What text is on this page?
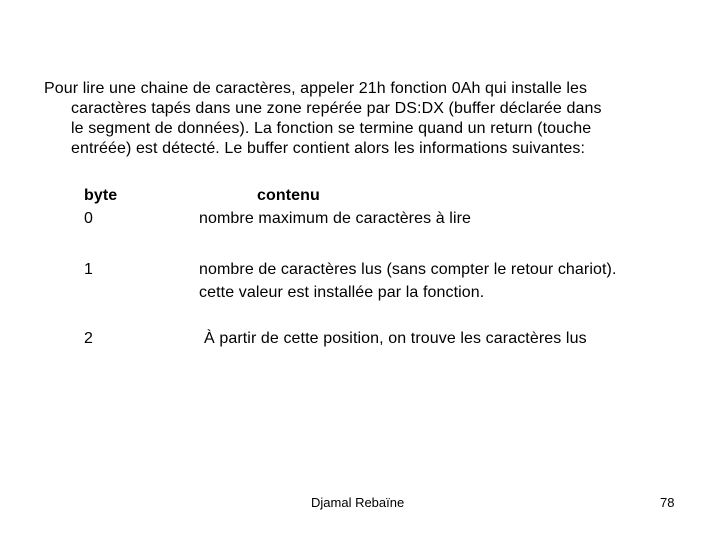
Pour lire une chaine de caractères, appeler 21h fonction 0Ah qui installe les
caractères tapés dans une zone repérée par DS:DX (buffer déclarée dans
le segment de données). La fonction se termine quand un return (touche
entréée) est détecté. Le buffer contient alors les informations suivantes:
byte	contenu
0	nombre maximum de caractères à lire
1	nombre de caractères lus (sans compter le retour chariot).
cette valeur est installée par la fonction.
2	À partir de cette position, on trouve les caractères lus
Djamal Rebaïne	78
